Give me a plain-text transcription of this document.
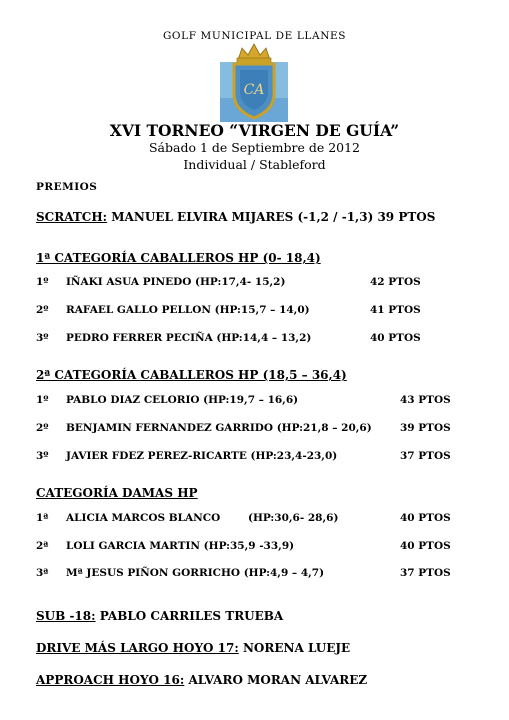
GOLF MUNICIPAL DE LLANES
CA
XVI TORNEO “VIRGEN DE GUÍA”
Sábado 1 de Septiembre de 2012
Individual / Stableford
PREMIOS
SCRATCH: MANUEL ELVIRA MIJARES (-1,2 / -1,3) 39 PTOS
1ª CATEGORÍA CABALLEROS HP (0- 18,4)
1º IÑAKI ASUA PINEDO (HP:17,4- 15,2)	42 PTOS
2º RAFAEL GALLO PELLON (HP:15,7 – 14,0)	41 PTOS
3º PEDRO FERRER PECIÑA (HP:14,4 – 13,2)	40 PTOS
2ª CATEGORÍA CABALLEROS HP (18,5 – 36,4)
1º PABLO DIAZ CELORIO (HP:19,7 – 16,6)	43 PTOS
2º BENJAMIN FERNANDEZ GARRIDO (HP:21,8 – 20,6)	39 PTOS
3º JAVIER FDEZ PEREZ-RICARTE (HP:23,4-23,0)	37 PTOS
CATEGORÍA DAMAS HP
1ª ALICIA MARCOS BLANCO	(HP:30,6- 28,6)	40 PTOS
2ª LOLI GARCIA MARTIN (HP:35,9 -33,9)	40 PTOS
3ª Mª JESUS PIÑON GORRICHO (HP:4,9 – 4,7)	37 PTOS
SUB -18: PABLO CARRILES TRUEBA
DRIVE MÁS LARGO HOYO 17: NORENA LUEJE
APPROACH HOYO 16: ALVARO MORAN ALVAREZ
